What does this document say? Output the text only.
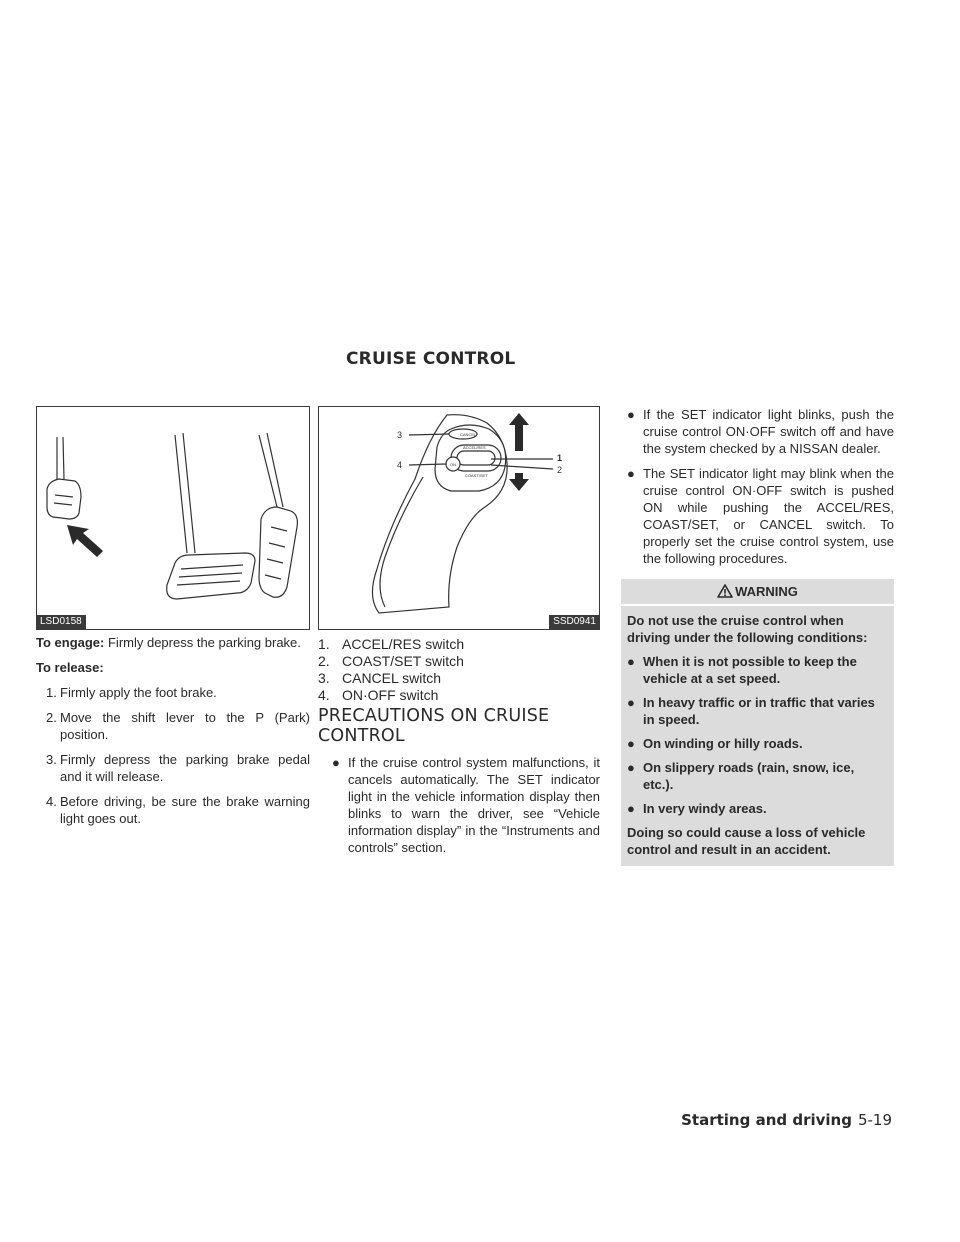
CRUISE CONTROL
LSD0158
CANCEL
ACCEL/RES
ON
COAST/SET
3
4
1
2
SSD0941

To engage: Firmly depress the parking brake.

To release:

1. Firmly apply the foot brake.
2. Move the shift lever to the P (Park) position.
3. Firmly depress the parking brake pedal and it will release.
4. Before driving, be sure the brake warning light goes out.
1. ACCEL/RES switch
2. COAST/SET switch
3. CANCEL switch
4. ON·OFF switch
PRECAUTIONS ON CRUISE
CONTROL
● If the cruise control system malfunctions, it cancels automatically. The SET indicator light in the vehicle information display then blinks to warn the driver, see “Vehicle information display” in the “Instruments and controls” section.
● If the SET indicator light blinks, push the cruise control ON·OFF switch off and have the system checked by a NISSAN dealer.
● The SET indicator light may blink when the cruise control ON·OFF switch is pushed ON while pushing the ACCEL/RES, COAST/SET, or CANCEL switch. To properly set the cruise control system, use the following procedures.
WARNING

Do not use the cruise control when driving under the following conditions:

● When it is not possible to keep the vehicle at a set speed.
● In heavy traffic or in traffic that varies in speed.
● On winding or hilly roads.
● On slippery roads (rain, snow, ice, etc.).
● In very windy areas.

Doing so could cause a loss of vehicle control and result in an accident.

Starting and driving 5-19
